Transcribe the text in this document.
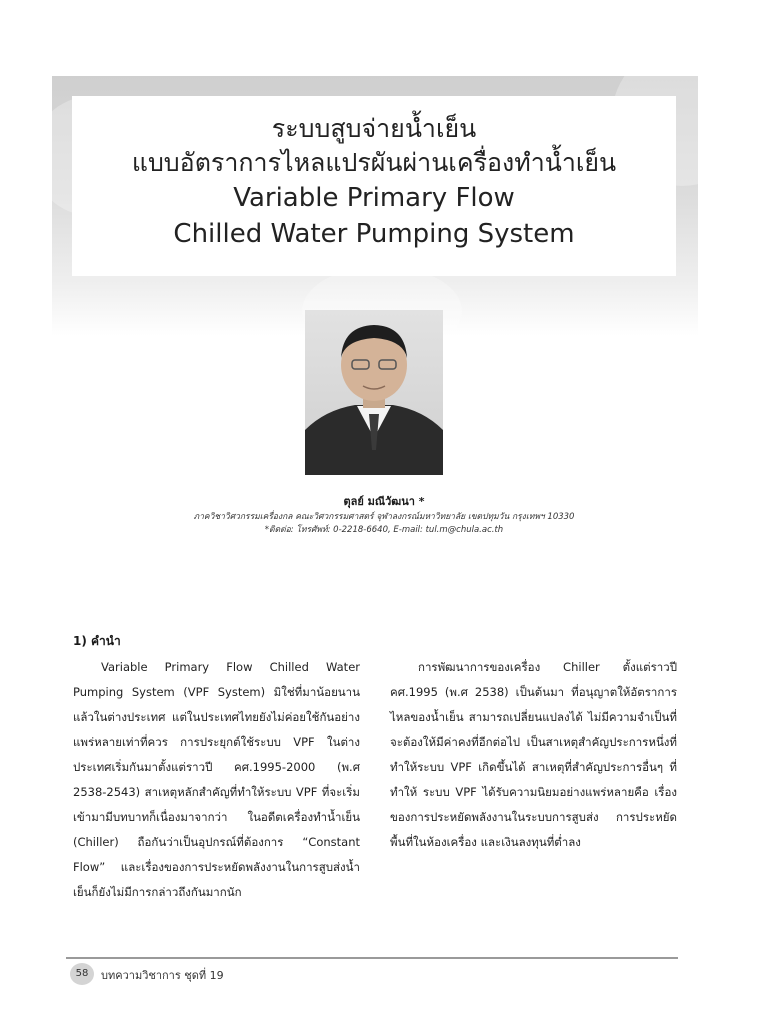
ระบบสูบจ่ายน้ำเย็น

แบบอัตราการไหลแปรผันผ่านเครื่องทำน้ำเย็น

Variable Primary Flow

Chilled Water Pumping System

ตุลย์ มณีวัฒนา *
ภาควิชาวิศวกรรมเครื่องกล คณะวิศวกรรมศาสตร์ จุฬาลงกรณ์มหาวิทยาลัย เขตปทุมวัน กรุงเทพฯ 10330
*ติดต่อ: โทรศัพท์: 0-2218-6640, E-mail: tul.m@chula.ac.th
1) คำนำ

Variable Primary Flow Chilled Water Pumping System (VPF System) มิใช่ที่มาน้อยนานแล้วในต่างประเทศ แต่ในประเทศไทยยังไม่ค่อยใช้กันอย่างแพร่หลายเท่าที่ควร การประยุกต์ใช้ระบบ VPF ในต่างประเทศเริ่มกันมาตั้งแต่ราวปี คศ.1995-2000 (พ.ศ 2538-2543) สาเหตุหลักสำคัญที่ทำให้ระบบ VPF ที่จะเริ่มเข้ามามีบทบาทก็เนื่องมาจากว่า ในอดีตเครื่องทำน้ำเย็น (Chiller) ถือกันว่าเป็นอุปกรณ์ที่ต้องการ “Constant Flow” และเรื่องของการประหยัดพลังงานในการสูบส่งน้ำเย็นก็ยังไม่มีการกล่าวถึงกันมากนัก

การพัฒนาการของเครื่อง Chiller ตั้งแต่ราวปี คศ.1995 (พ.ศ 2538) เป็นต้นมา ที่อนุญาตให้อัตราการไหลของน้ำเย็น สามารถเปลี่ยนแปลงได้ ไม่มีความจำเป็นที่จะต้องให้มีค่าคงที่อีกต่อไป เป็นสาเหตุสำคัญประการหนึ่งที่ทำให้ระบบ VPF เกิดขึ้นได้ สาเหตุที่สำคัญประการอื่นๆ ที่ทำให้ ระบบ VPF ได้รับความนิยมอย่างแพร่หลายคือ เรื่องของการประหยัดพลังงานในระบบการสูบส่ง การประหยัดพื้นที่ในห้องเครื่อง และเงินลงทุนที่ต่ำลง

58	บทความวิชาการ ชุดที่ 19
